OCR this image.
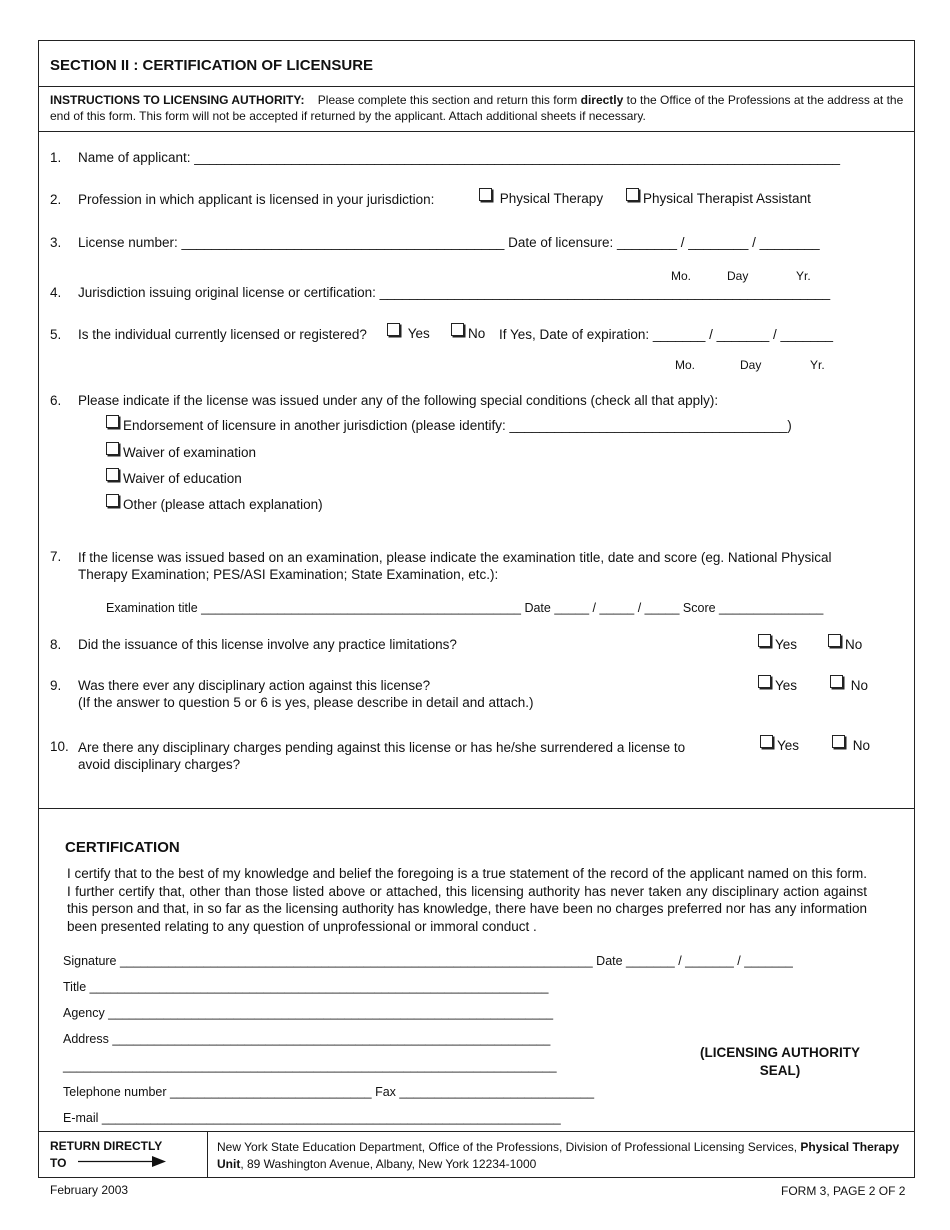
SECTION II : CERTIFICATION OF LICENSURE
INSTRUCTIONS TO LICENSING AUTHORITY: Please complete this section and return this form directly to the Office of the Professions at the address at the end of this form. This form will not be accepted if returned by the applicant. Attach additional sheets if necessary.
1. Name of applicant: ______________________________________________________________________________________
2. Profession in which applicant is licensed in your jurisdiction:	Physical Therapy	Physical Therapist Assistant
3. License number: ___________________________________________ Date of licensure: ________ / ________ / ________
Mo.	Day	Yr.
4. Jurisdiction issuing original license or certification: ____________________________________________________________
5. Is the individual currently licensed or registered?	Yes	No If Yes, Date of expiration: _______ / _______ / _______
Mo.	Day	Yr.
6. Please indicate if the license was issued under any of the following special conditions (check all that apply):
Endorsement of licensure in another jurisdiction (please identify: _____________________________________)
Waiver of examination
Waiver of education
Other (please attach explanation)
7. If the license was issued based on an examination, please indicate the examination title, date and score (eg. National Physical Therapy Examination; PES/ASI Examination; State Examination, etc.):
Examination title ______________________________________________ Date _____ / _____ / _____ Score _______________
8. Did the issuance of this license involve any practice limitations?	Yes	No
9. Was there ever any disciplinary action against this license?
(If the answer to question 5 or 6 is yes, please describe in detail and attach.)
Yes	No
10. Are there any disciplinary charges pending against this license or has he/she surrendered a license to avoid disciplinary charges?
Yes	No
CERTIFICATION
I certify that to the best of my knowledge and belief the foregoing is a true statement of the record of the applicant named on this form. I further certify that, other than those listed above or attached, this licensing authority has never taken any disciplinary action against this person and that, in so far as the licensing authority has knowledge, there have been no charges preferred nor has any information been presented relating to any question of unprofessional or immoral conduct .
Signature ____________________________________________________________________ Date _______ / _______ / _______
Title __________________________________________________________________
Agency ________________________________________________________________
Address _______________________________________________________________
_______________________________________________________________________
Telephone number _____________________________ Fax ____________________________
E-mail __________________________________________________________________
(LICENSING AUTHORITY
SEAL)
RETURN DIRECTLY
TO
New York State Education Department, Office of the Professions, Division of Professional Licensing Services, Physical Therapy Unit, 89 Washington Avenue, Albany, New York 12234-1000
February 2003	FORM 3, PAGE 2 OF 2
